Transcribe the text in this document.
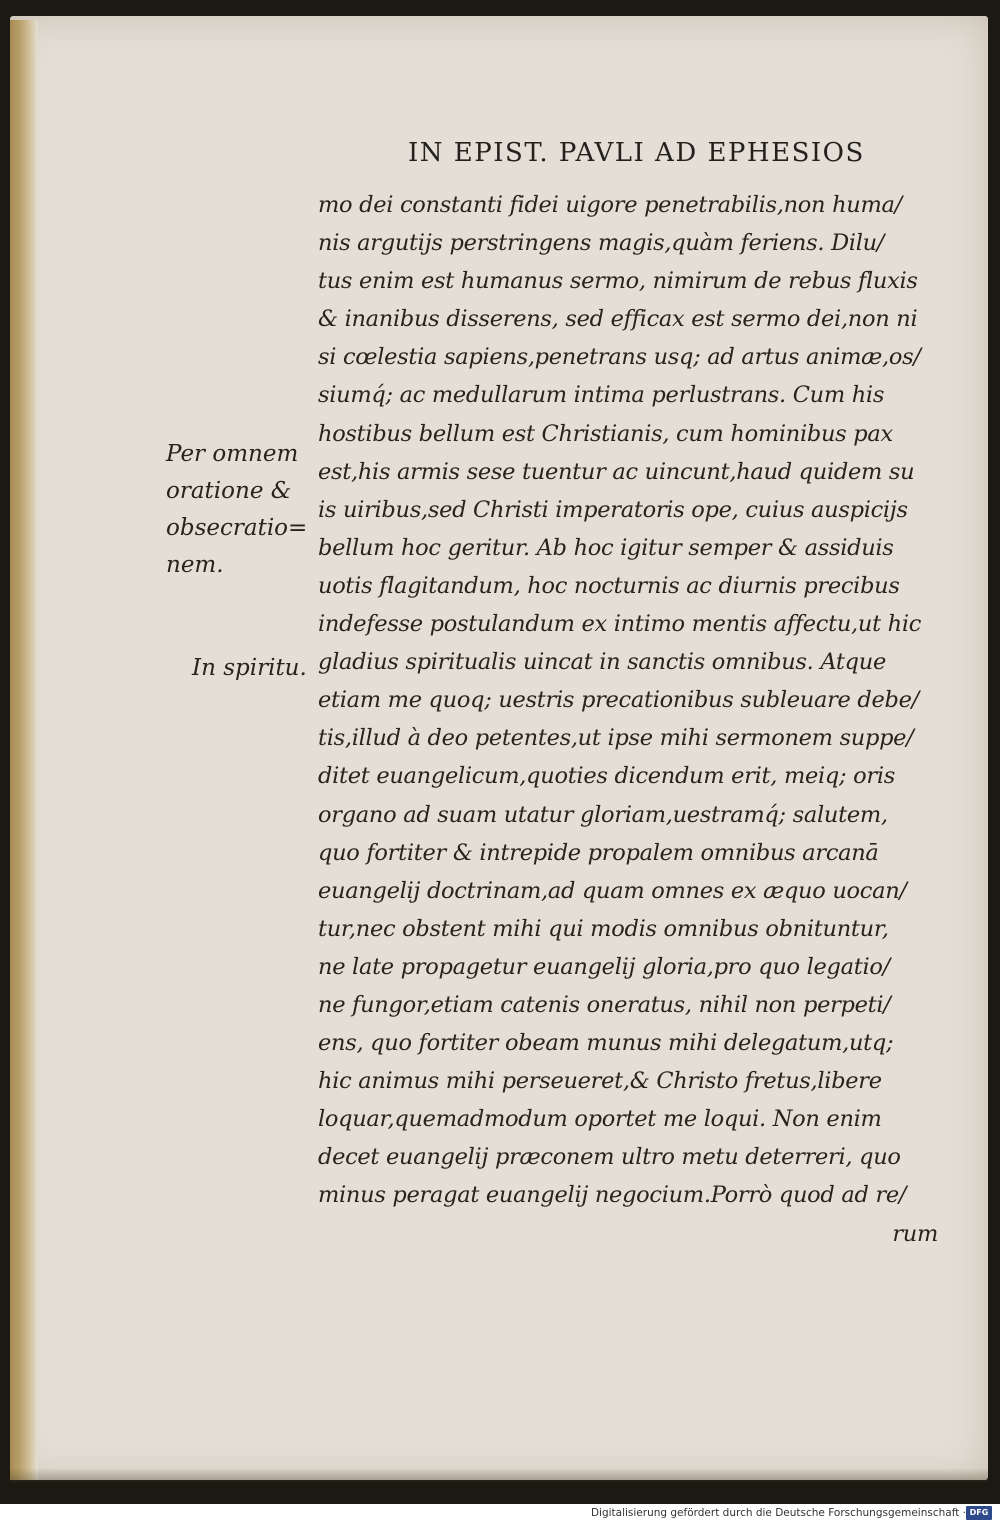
IN EPIST. PAVLI AD EPHESIOS
mo dei constanti fidei uigore penetrabilis,non huma/
nis argutijs perstringens magis,quàm feriens. Dilu/
tus enim est humanus sermo, nimirum de rebus fluxis
& inanibus disserens, sed efficax est sermo dei,non ni
si cœlestia sapiens,penetrans usq; ad artus animæ,os/
siumq́; ac medullarum intima perlustrans. Cum his
hostibus bellum est Christianis, cum hominibus pax
est,his armis sese tuentur ac uincunt,haud quidem su
is uiribus,sed Christi imperatoris ope, cuius auspicijs
bellum hoc geritur. Ab hoc igitur semper & assiduis
uotis flagitandum, hoc nocturnis ac diurnis precibus
indefesse postulandum ex intimo mentis affectu,ut hic
gladius spiritualis uincat in sanctis omnibus. Atque
etiam me quoq; uestris precationibus subleuare debe/
tis,illud à deo petentes,ut ipse mihi sermonem suppe/
ditet euangelicum,quoties dicendum erit, meiq; oris
organo ad suam utatur gloriam,uestramq́; salutem,
quo fortiter & intrepide propalem omnibus arcanā
euangelij doctrinam,ad quam omnes ex æquo uocan/
tur,nec obstent mihi qui modis omnibus obnituntur,
ne late propagetur euangelij gloria,pro quo legatio/
ne fungor,etiam catenis oneratus, nihil non perpeti/
ens, quo fortiter obeam munus mihi delegatum,utq;
hic animus mihi perseueret,& Christo fretus,libere
loquar,quemadmodum oportet me loqui. Non enim
decet euangelij præconem ultro metu deterreri, quo
minus peragat euangelij negocium.Porrò quod ad re/
rum
Per omnem
oratione &
obsecratio=
nem.
In spiritu.
Digitalisierung gefördert durch die Deutsche Forschungsgemeinschaft · DFG
